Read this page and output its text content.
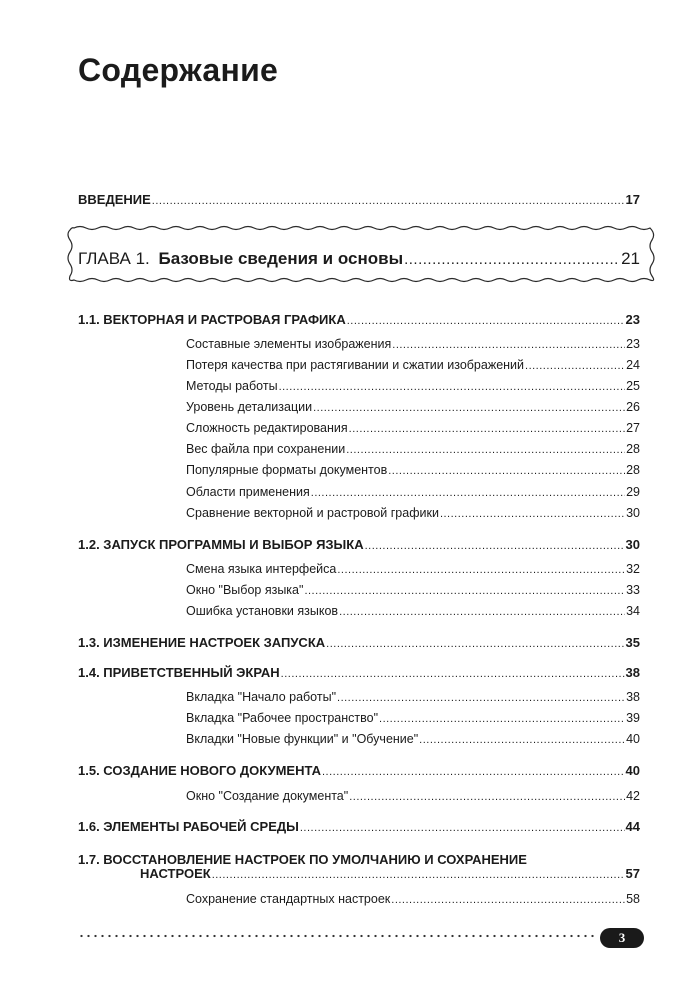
Содержание
ВВЕДЕНИЕ .....	17
ГЛАВА 1. Базовые сведения и основы .....	21
1.1. ВЕКТОРНАЯ И РАСТРОВАЯ ГРАФИКА .....	23
Составные элементы изображения .....	23
Потеря качества при растягивании и сжатии изображений .....	24
Методы работы .....	25
Уровень детализации .....	26
Сложность редактирования .....	27
Вес файла при сохранении .....	28
Популярные форматы документов .....	28
Области применения .....	29
Сравнение векторной и растровой графики .....	30
1.2. ЗАПУСК ПРОГРАММЫ И ВЫБОР ЯЗЫКА .....	30
Смена языка интерфейса .....	32
Окно "Выбор языка" .....	33
Ошибка установки языков .....	34
1.3. ИЗМЕНЕНИЕ НАСТРОЕК ЗАПУСКА .....	35
1.4. ПРИВЕТСТВЕННЫЙ ЭКРАН .....	38
Вкладка "Начало работы" .....	38
Вкладка "Рабочее пространство" .....	39
Вкладки "Новые функции" и "Обучение" .....	40
1.5. СОЗДАНИЕ НОВОГО ДОКУМЕНТА .....	40
Окно "Создание документа" .....	42
1.6. ЭЛЕМЕНТЫ РАБОЧЕЙ СРЕДЫ .....	44
1.7. ВОССТАНОВЛЕНИЕ НАСТРОЕК ПО УМОЛЧАНИЮ И СОХРАНЕНИЕ
НАСТРОЕК .....	57
Сохранение стандартных настроек .....	58
3
